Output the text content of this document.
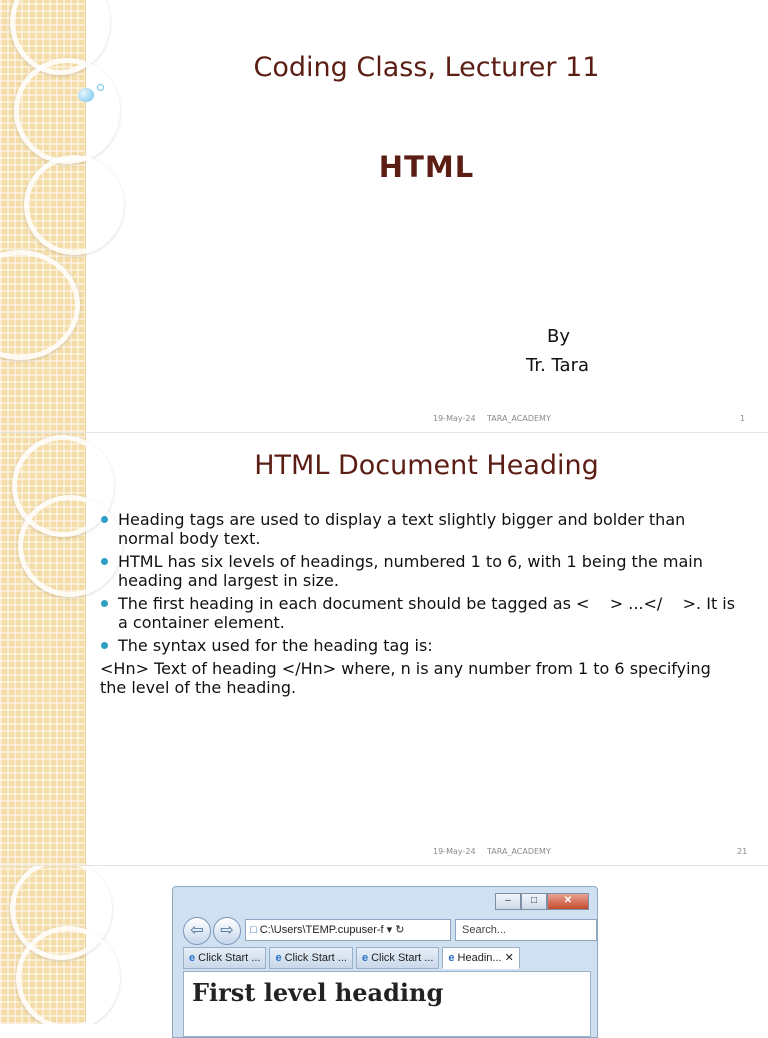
Coding Class, Lecturer 11
HTML
By
Tr. Tara
19-May-24 TARA_ACADEMY	1
HTML Document Heading
Heading tags are used to display a text slightly bigger and bolder than normal body text.
HTML has six levels of headings, numbered 1 to 6, with 1 being the main heading and largest in size.
The first heading in each document should be tagged as <    > ...</    >. It is a container element.
The syntax used for the heading tag is:
<Hn> Text of heading </Hn> where, n is any number from 1 to 6 specifying the level of the heading.
19-May-24 TARA_ACADEMY	21
–	□	✕
⇦	⇨	□ C:\Users\TEMP.cupuser-f ▾ ↻	Search...
e Click Start ...	e Click Start ...	e Click Start ...	e Headin... ✕
First level heading
